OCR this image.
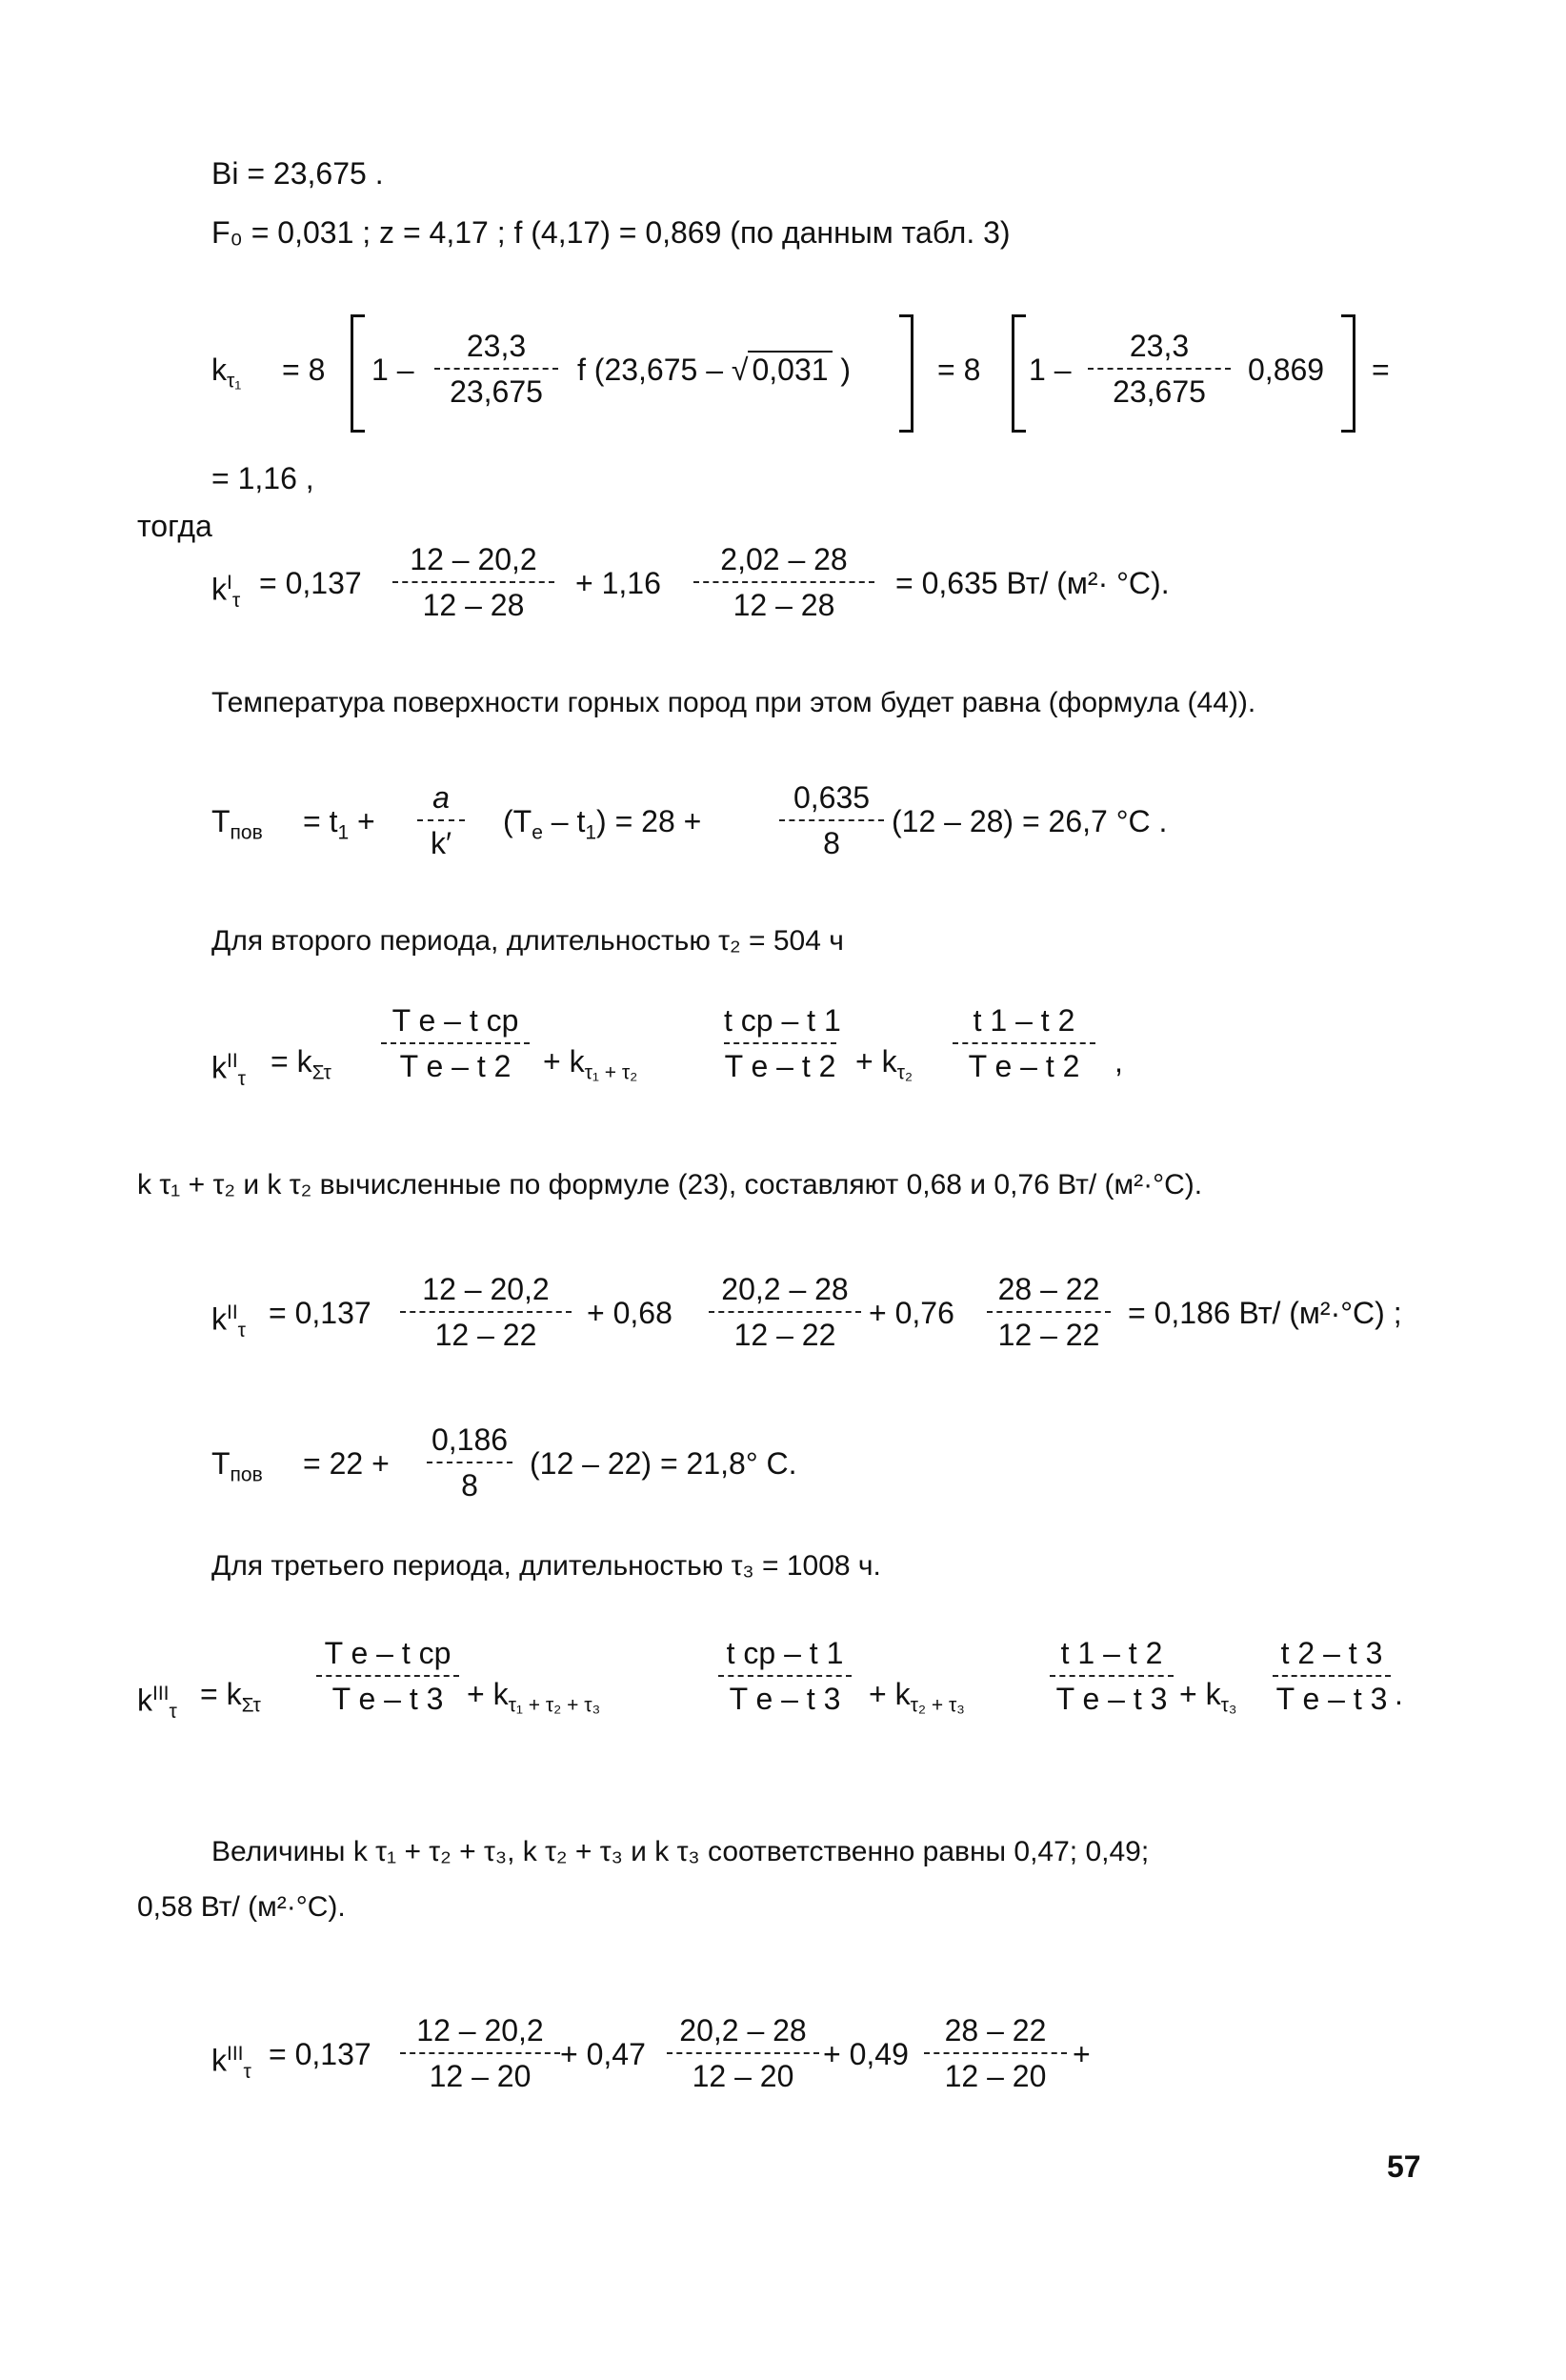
Bi = 23,675 .
F₀ = 0,031 ; z = 4,17 ; f (4,17) = 0,869 (по данным табл. 3)
$k_{\tau_1} = 8$ 1 –
23,3
23,675
f (23,675 – √ 0,031 )	= 8 1 –
23,3
23,675
0,869 =
= 1,16 ,
тогда
$k^I_\tau$
= 0,137
12 – 20,2
12 – 28
+ 1,16
2,02 – 28
12 – 28
= 0,635 Вт/ (м²· °С).
Температура поверхности горных пород при этом будет равна (формула (44)).
$T_{пов} = t_1$ +
a
k′
$(T_e - t_1) = 28$ +
0,635
8
(12 – 28) = 26,7 °С .
Для второго периода, длительностью τ₂ = 504 ч
$k^{II}_\tau$
= $k_{\Sigma\tau}$
T e – t cp
T e – t 2	+ $k_{\tau_1 + \tau_2}$
t cp – t 1
T e – t $2 + k_{\tau_2}$
t 1 – t 2
T e – t 2	,
k τ₁ + τ₂ и k τ₂ вычисленные по формуле (23), составляют 0,68 и 0,76 Вт/ (м²·°С).
$k^{II}_\tau$
= 0,137
12 – 20,2
12 – 22
+ 0,68
20,2 – 28
12 – 22
+ 0,76
28 – 22
12 – 22
= 0,186 Вт/ (м²·°С) ;
$T_{пов} = 22$ +
0,186
8
(12 – 22) = 21,8° С.
Для третьего периода, длительностью τ₃ = 1008 ч.
$k^{III}_\tau$
= $k_{\Sigma\tau}$
T e – t cp
T e – t $3 + k_{\tau_1 + \tau_2 + \tau_3}$
t cp – t 1
T e – t $3 + k_{\tau_2 + \tau_3}$
t 1 – t 2
T e – t $3 + k_{\tau_3}$
t 2 – t 3
T e – t 3 .
Величины k τ₁ + τ₂ + τ₃, k τ₂ + τ₃ и k τ₃ соответственно равны 0,47; 0,49;
0,58 Вт/ (м²·°С).
$k^{III}_\tau$
= 0,137
12 – 20,2
12 – 20
+ 0,47
20,2 – 28
12 – 20
+ 0,49
28 – 22
12 – 20
+
57
